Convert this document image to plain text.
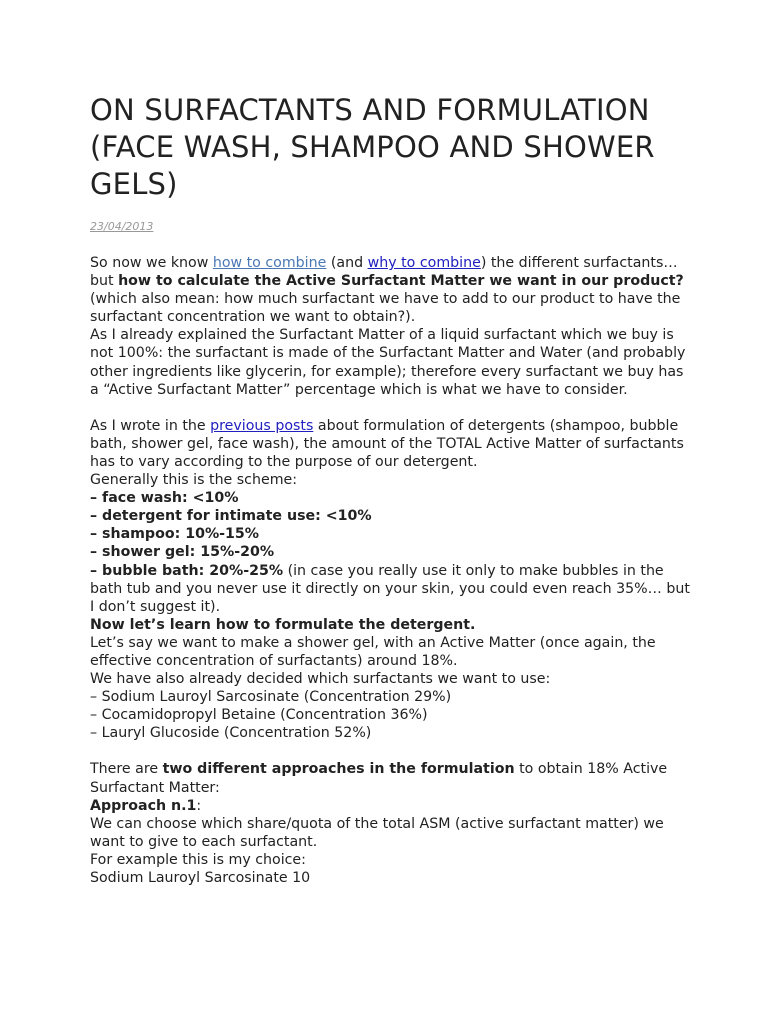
ON SURFACTANTS AND FORMULATION (FACE WASH, SHAMPOO AND SHOWER GELS)
23/04/2013

So now we know how to combine (and why to combine) the different surfactants… but how to calculate the Active Surfactant Matter we want in our product? (which also mean: how much surfactant we have to add to our product to have the surfactant concentration we want to obtain?).
As I already explained the Surfactant Matter of a liquid surfactant which we buy is not 100%: the surfactant is made of the Surfactant Matter and Water (and probably other ingredients like glycerin, for example); therefore every surfactant we buy has a “Active Surfactant Matter” percentage which is what we have to consider.

As I wrote in the previous posts about formulation of detergents (shampoo, bubble bath, shower gel, face wash), the amount of the TOTAL Active Matter of surfactants has to vary according to the purpose of our detergent.
Generally this is the scheme:
– face wash: <10%
– detergent for intimate use: <10%
– shampoo: 10%-15%
– shower gel: 15%-20%
– bubble bath: 20%-25% (in case you really use it only to make bubbles in the bath tub and you never use it directly on your skin, you could even reach 35%… but I don’t suggest it).
Now let’s learn how to formulate the detergent.
Let’s say we want to make a shower gel, with an Active Matter (once again, the effective concentration of surfactants) around 18%.
We have also already decided which surfactants we want to use:
– Sodium Lauroyl Sarcosinate (Concentration 29%)
– Cocamidopropyl Betaine (Concentration 36%)
– Lauryl Glucoside (Concentration 52%)

There are two different approaches in the formulation to obtain 18% Active Surfactant Matter:
Approach n.1:
We can choose which share/quota of the total ASM (active surfactant matter) we want to give to each surfactant.
For example this is my choice:
Sodium Lauroyl Sarcosinate 10
